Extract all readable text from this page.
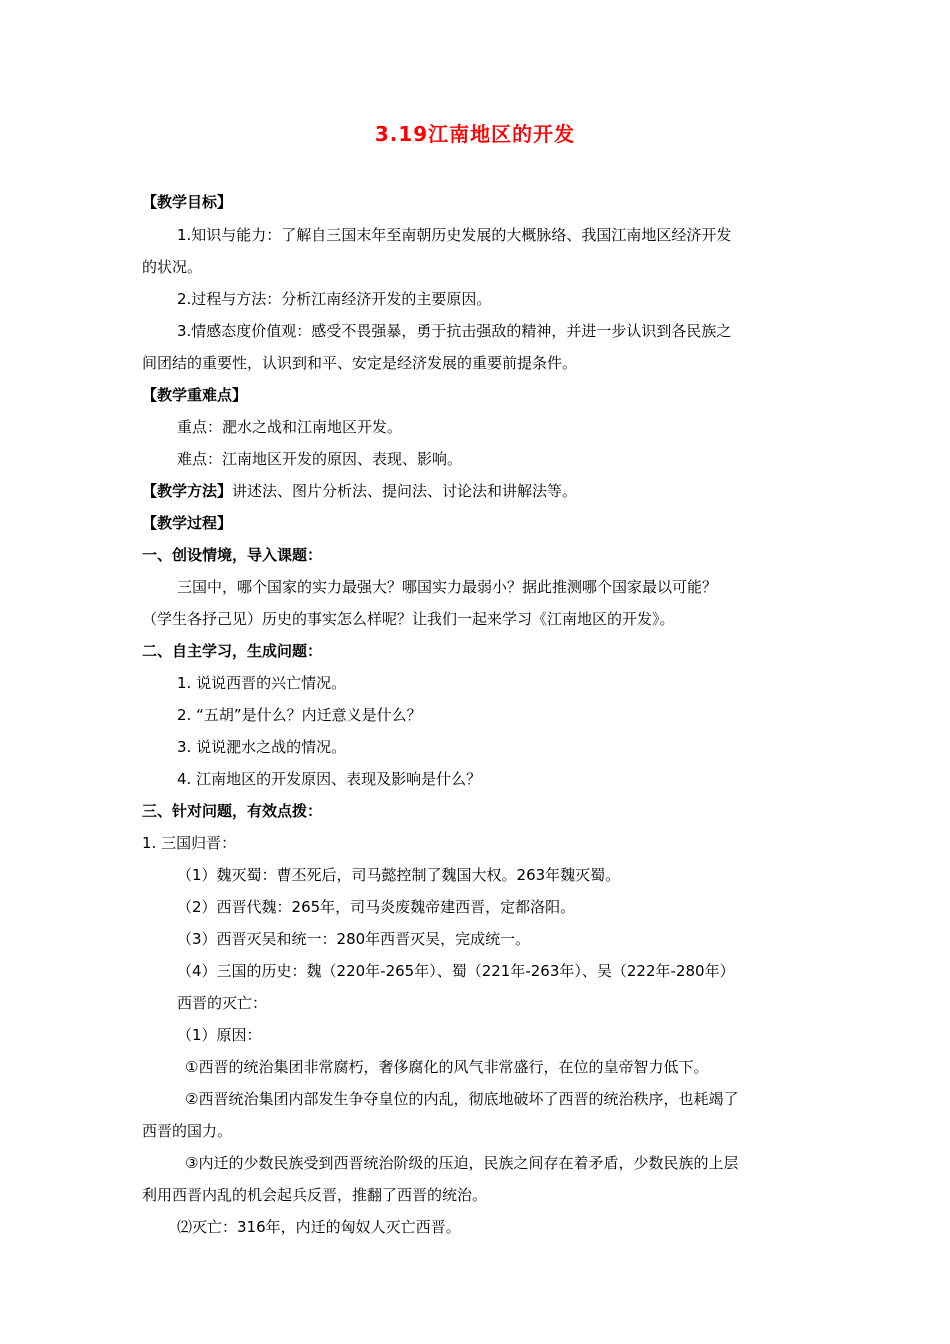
3.19江南地区的开发
【教学目标】
1.知识与能力：了解自三国末年至南朝历史发展的大概脉络、我国江南地区经济开发
的状况。
2.过程与方法：分析江南经济开发的主要原因。
3.情感态度价值观：感受不畏强暴，勇于抗击强敌的精神，并进一步认识到各民族之
间团结的重要性，认识到和平、安定是经济发展的重要前提条件。
【教学重难点】
重点：淝水之战和江南地区开发。
难点：江南地区开发的原因、表现、影响。
【教学方法】讲述法、图片分析法、提问法、讨论法和讲解法等。
【教学过程】
一、创设情境，导入课题：
三国中，哪个国家的实力最强大？哪国实力最弱小？据此推测哪个国家最以可能？
（学生各抒己见）历史的事实怎么样呢？让我们一起来学习《江南地区的开发》。
二、自主学习，生成问题：
1. 说说西晋的兴亡情况。
2. “五胡”是什么？内迁意义是什么？
3. 说说淝水之战的情况。
4. 江南地区的开发原因、表现及影响是什么？
三、针对问题，有效点拨：
1. 三国归晋：
（1）魏灭蜀：曹丕死后，司马懿控制了魏国大权。263年魏灭蜀。
（2）西晋代魏：265年，司马炎废魏帝建西晋，定都洛阳。
（3）西晋灭吴和统一：280年西晋灭吴，完成统一。
（4）三国的历史：魏（220年-265年）、蜀（221年-263年）、吴（222年-280年）
西晋的灭亡：
（1）原因：
①西晋的统治集团非常腐朽，奢侈腐化的风气非常盛行，在位的皇帝智力低下。
②西晋统治集团内部发生争夺皇位的内乱，彻底地破坏了西晋的统治秩序，也耗竭了
西晋的国力。
③内迁的少数民族受到西晋统治阶级的压迫，民族之间存在着矛盾，少数民族的上层
利用西晋内乱的机会起兵反晋，推翻了西晋的统治。
⑵灭亡：316年，内迁的匈奴人灭亡西晋。
